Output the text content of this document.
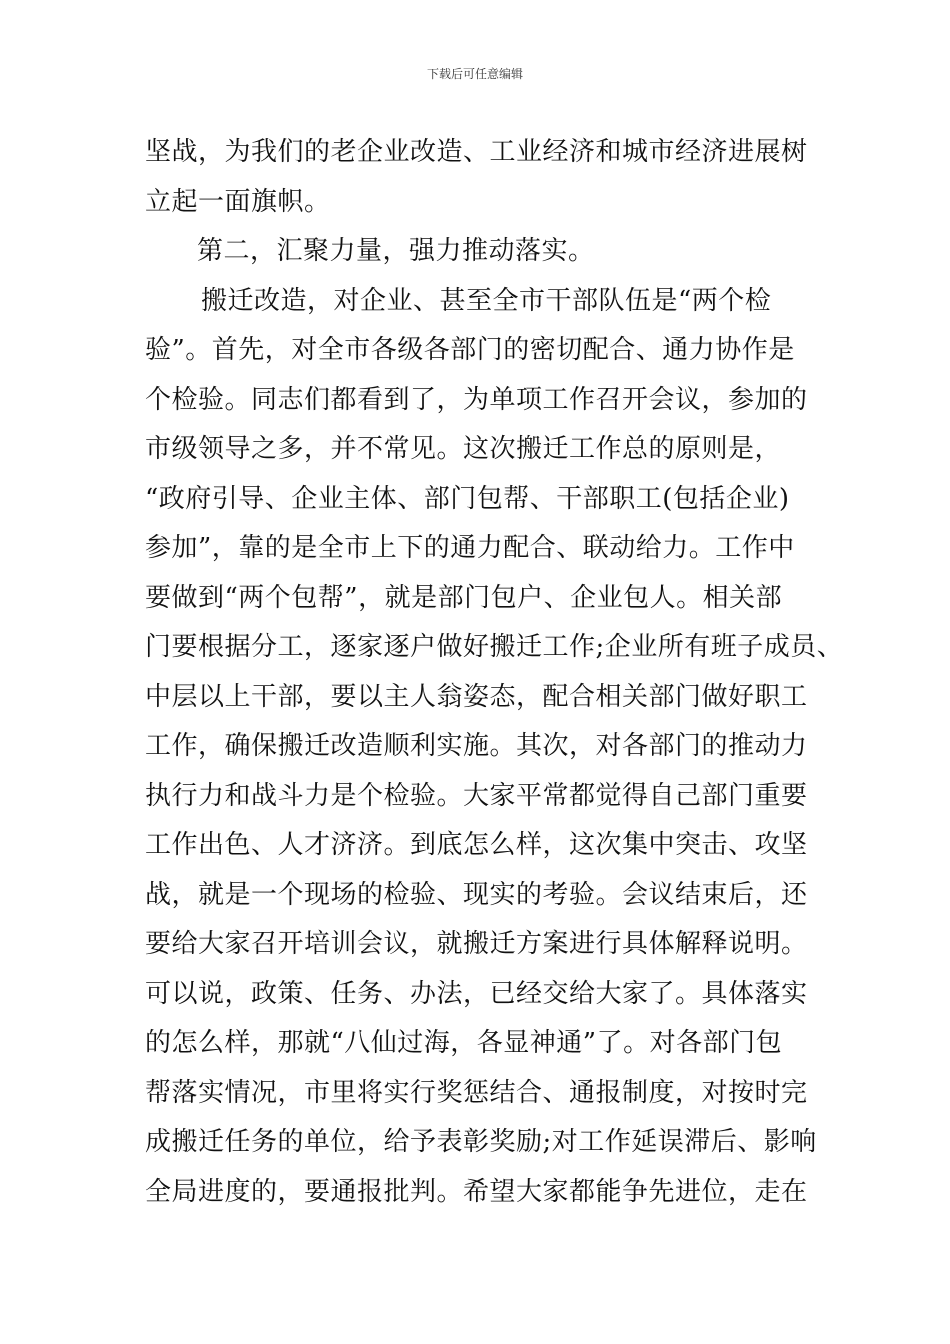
下载后可任意编辑
坚战，为我们的老企业改造、工业经济和城市经济进展树
立起一面旗帜。
第二，汇聚力量，强力推动落实。
搬迁改造，对企业、甚至全市干部队伍是“两个检
验”。首先，对全市各级各部门的密切配合、通力协作是
个检验。同志们都看到了，为单项工作召开会议，参加的
市级领导之多，并不常见。这次搬迁工作总的原则是，
“政府引导、企业主体、部门包帮、干部职工(包括企业)
参加”，靠的是全市上下的通力配合、联动给力。工作中
要做到“两个包帮”，就是部门包户、企业包人。相关部
门要根据分工，逐家逐户做好搬迁工作;企业所有班子成员、
中层以上干部，要以主人翁姿态，配合相关部门做好职工
工作，确保搬迁改造顺利实施。其次，对各部门的推动力
执行力和战斗力是个检验。大家平常都觉得自己部门重要
工作出色、人才济济。到底怎么样，这次集中突击、攻坚
战，就是一个现场的检验、现实的考验。会议结束后，还
要给大家召开培训会议，就搬迁方案进行具体解释说明。
可以说，政策、任务、办法，已经交给大家了。具体落实
的怎么样，那就“八仙过海，各显神通”了。对各部门包
帮落实情况，市里将实行奖惩结合、通报制度，对按时完
成搬迁任务的单位，给予表彰奖励;对工作延误滞后、影响
全局进度的，要通报批判。希望大家都能争先进位，走在
